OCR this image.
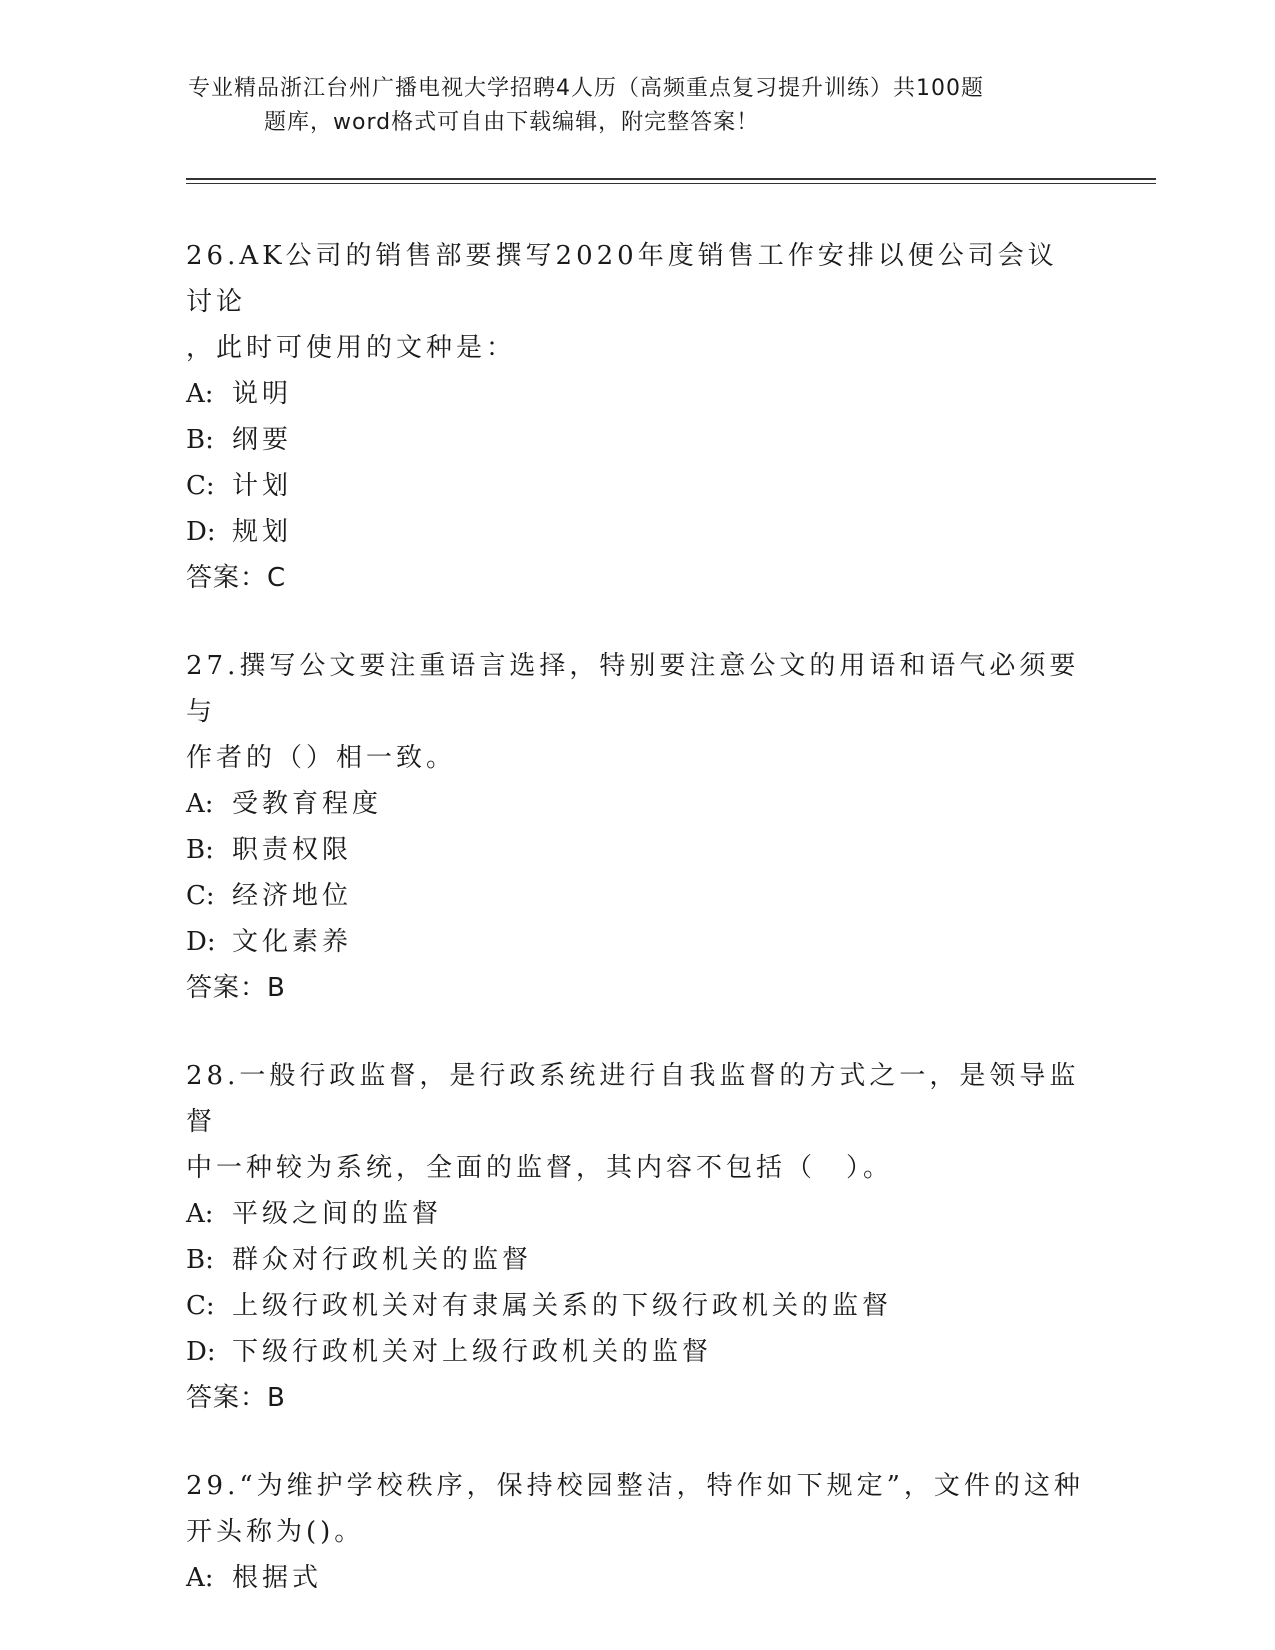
专业精品浙江台州广播电视大学招聘4人历（高频重点复习提升训练）共100题
题库，word格式可自由下载编辑，附完整答案！
26.AK公司的销售部要撰写2020年度销售工作安排以便公司会议讨论
，此时可使用的文种是：
A: 说明
B: 纲要
C: 计划
D: 规划
答案：C
27.撰写公文要注重语言选择，特别要注意公文的用语和语气必须要与
作者的（）相一致。
A: 受教育程度
B: 职责权限
C: 经济地位
D: 文化素养
答案：B
28.一般行政监督，是行政系统进行自我监督的方式之一，是领导监督
中一种较为系统，全面的监督，其内容不包括（　）。
A: 平级之间的监督
B: 群众对行政机关的监督
C: 上级行政机关对有隶属关系的下级行政机关的监督
D: 下级行政机关对上级行政机关的监督
答案：B
29.“为维护学校秩序，保持校园整洁，特作如下规定”，文件的这种
开头称为()。
A: 根据式
